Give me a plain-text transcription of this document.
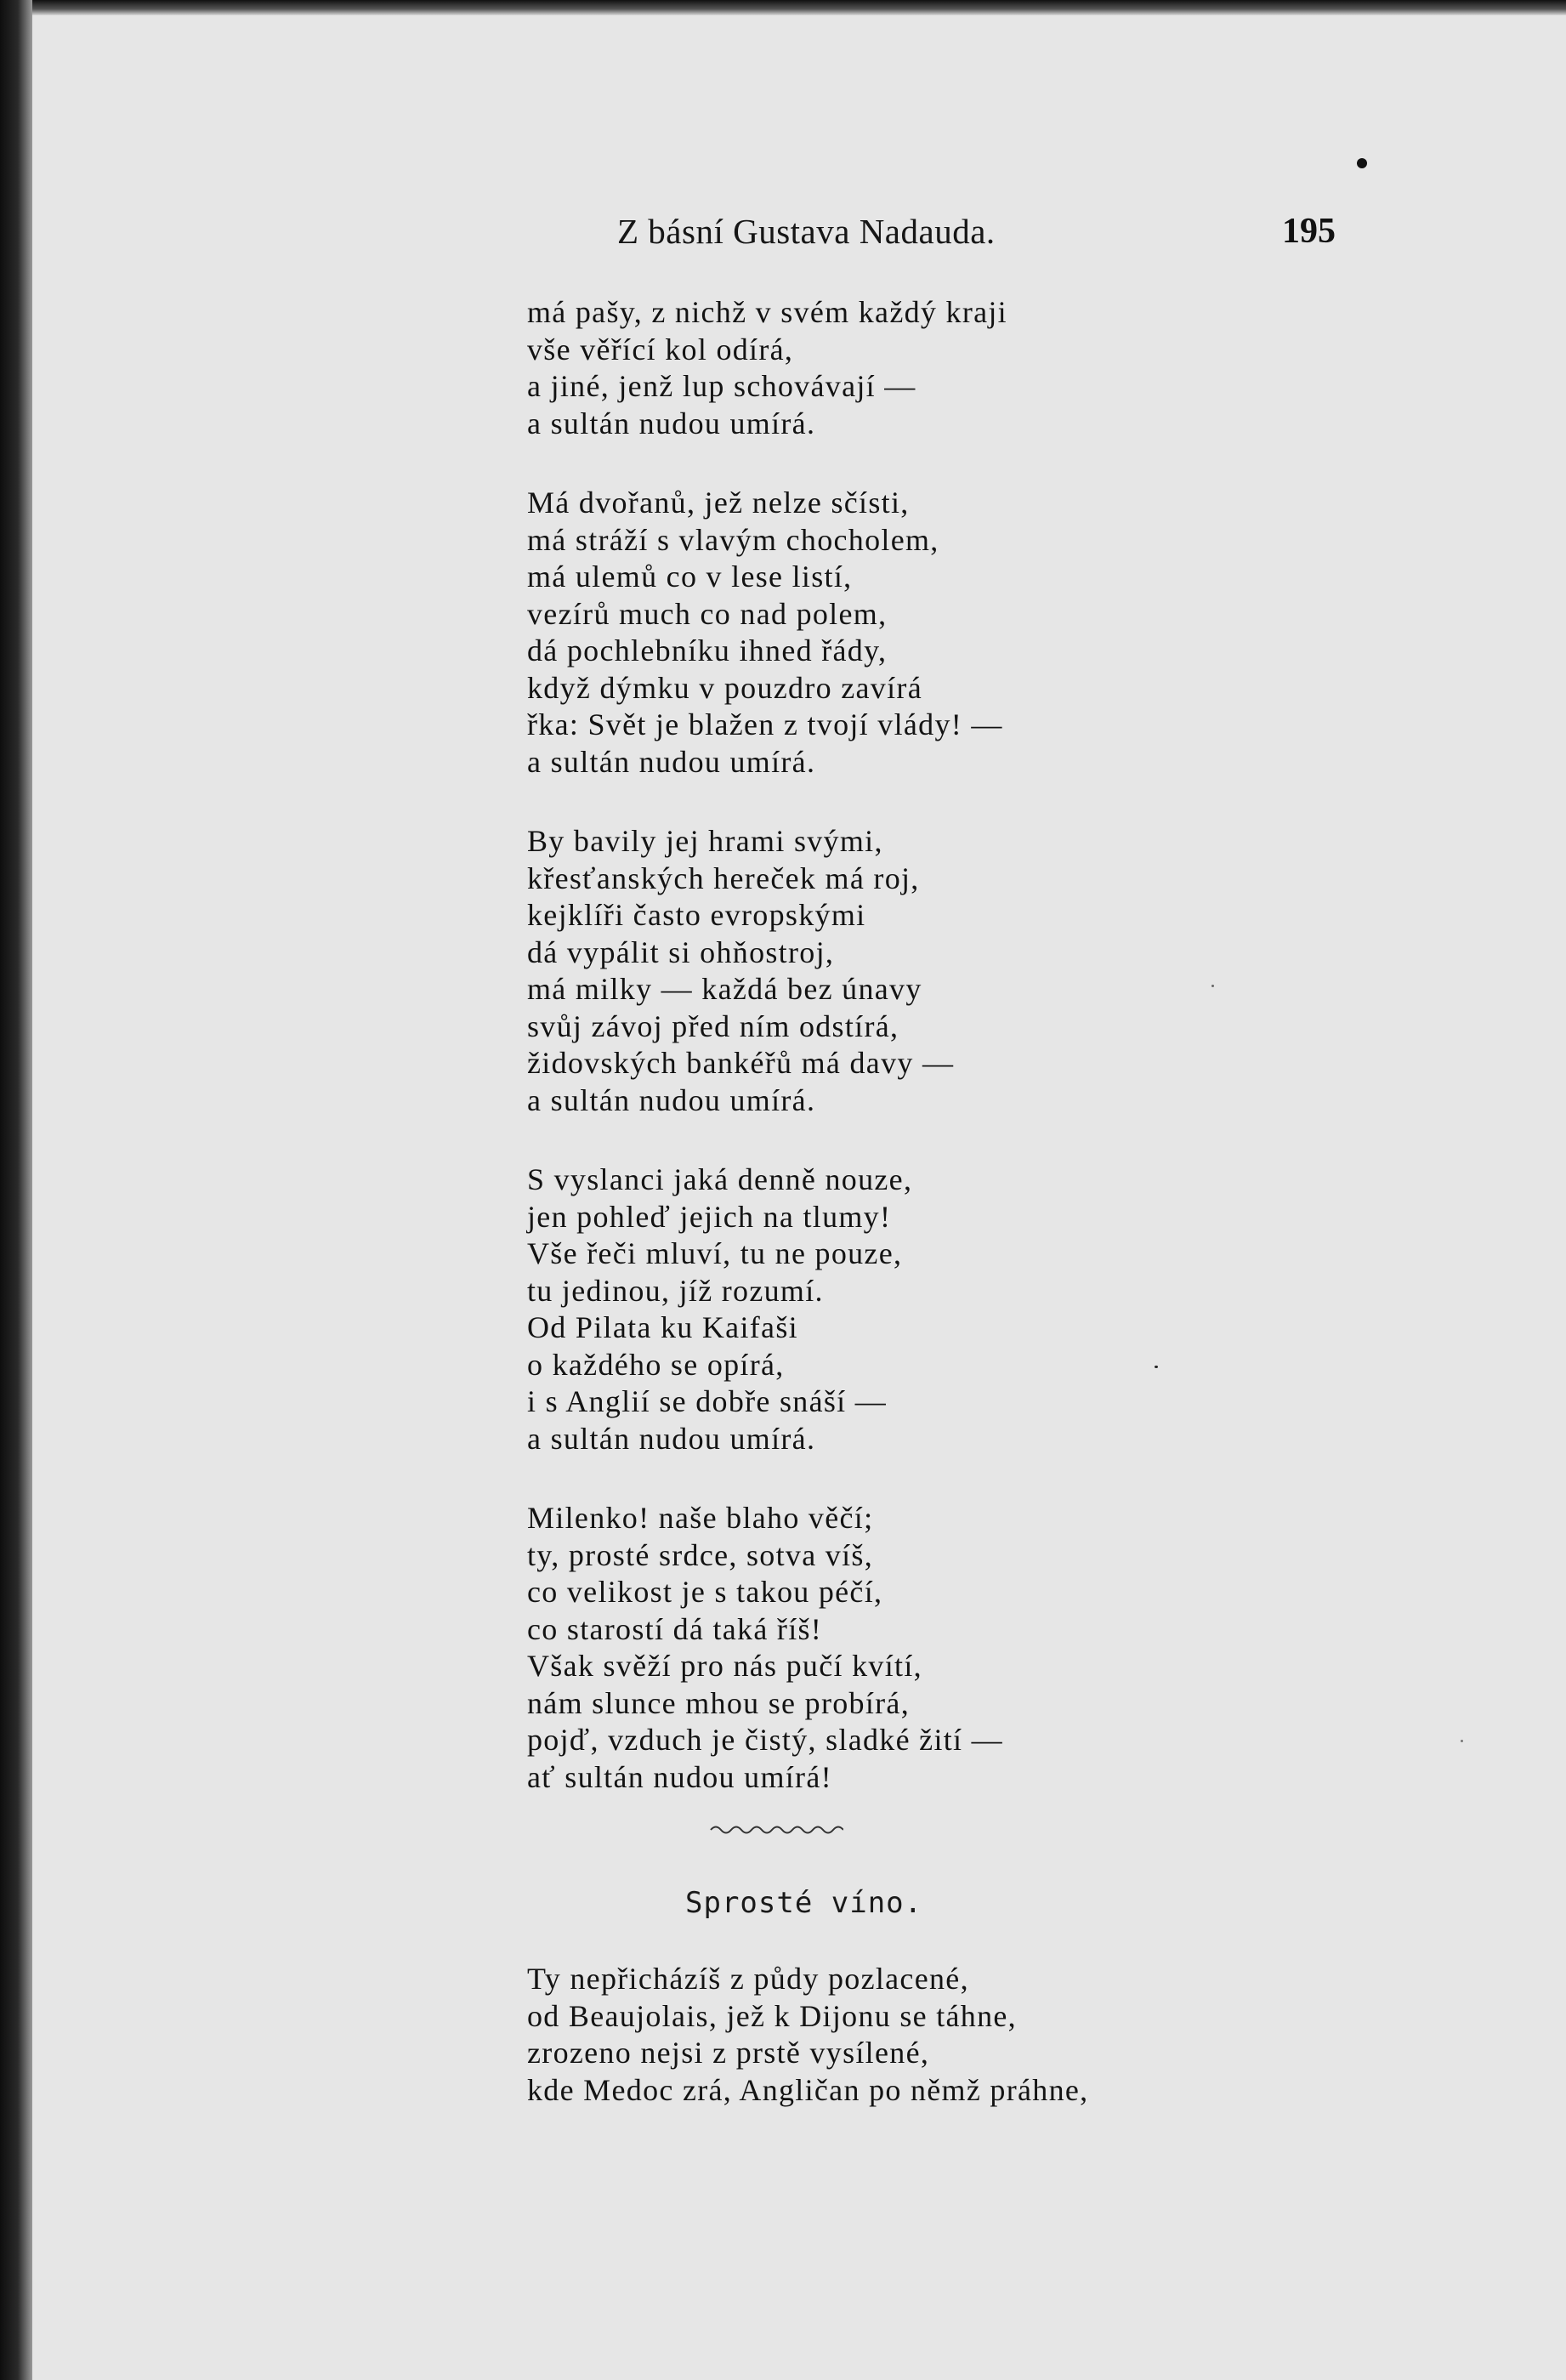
Z básní Gustava Nadauda.	195
má pašy, z nichž v svém každý kraji
vše věřící kol odírá,
a jiné, jenž lup schovávají —
a sultán nudou umírá.
Má dvořanů, jež nelze sčísti,
má stráží s vlavým chocholem,
má ulemů co v lese listí,
vezírů much co nad polem,
dá pochlebníku ihned řády,
když dýmku v pouzdro zavírá
řka: Svět je blažen z tvojí vlády! —
a sultán nudou umírá.
By bavily jej hrami svými,
křesťanských hereček má roj,
kejklíři často evropskými
dá vypálit si ohňostroj,
má milky — každá bez únavy
svůj závoj před ním odstírá,
židovských bankéřů má davy —
a sultán nudou umírá.
S vyslanci jaká denně nouze,
jen pohleď jejich na tlumy!
Vše řeči mluví, tu ne pouze,
tu jedinou, jíž rozumí.
Od Pilata ku Kaifaši
o každého se opírá,
i s Anglií se dobře snáší —
a sultán nudou umírá.
Milenko! naše blaho věčí;
ty, prosté srdce, sotva víš,
co velikost je s takou péčí,
co starostí dá taká říš!
Však svěží pro nás pučí kvítí,
nám slunce mhou se probírá,
pojď, vzduch je čistý, sladké žití —
ať sultán nudou umírá!
Sprosté víno.
Ty nepřicházíš z půdy pozlacené,
od Beaujolais, jež k Dijonu se táhne,
zrozeno nejsi z prstě vysílené,
kde Medoc zrá, Angličan po němž práhne,
